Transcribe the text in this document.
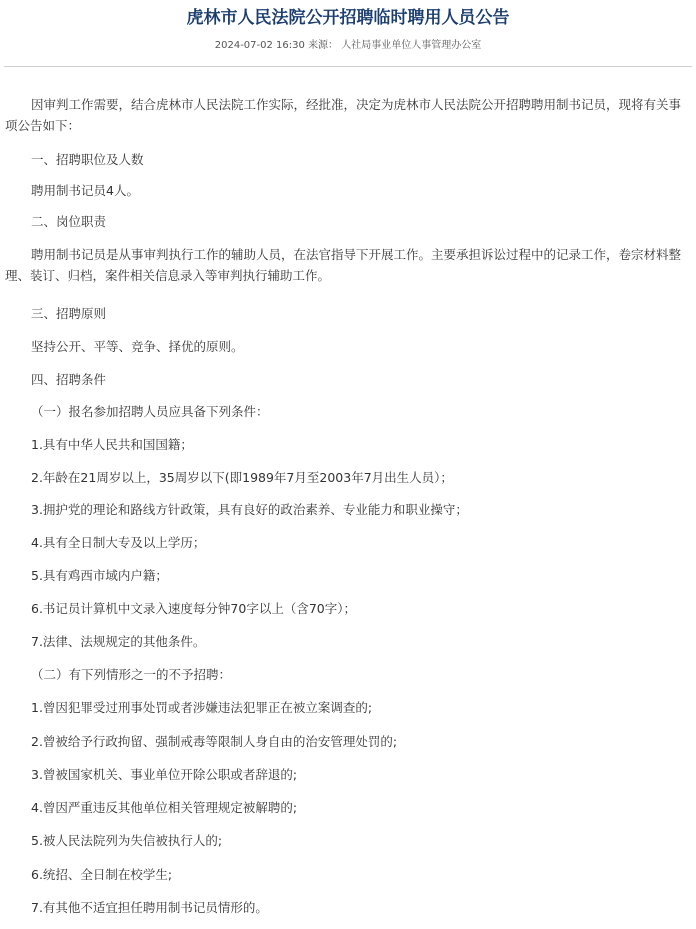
虎林市人民法院公开招聘临时聘用人员公告
2024-07-02 16:30 来源： 人社局事业单位人事管理办公室

因审判工作需要，结合虎林市人民法院工作实际，经批准，决定为虎林市人民法院公开招聘聘用制书记员，现将有关事项公告如下：

一、招聘职位及人数

聘用制书记员4人。

二、岗位职责

聘用制书记员是从事审判执行工作的辅助人员，在法官指导下开展工作。主要承担诉讼过程中的记录工作，卷宗材料整理、装订、归档，案件相关信息录入等审判执行辅助工作。

三、招聘原则

坚持公开、平等、竞争、择优的原则。

四、招聘条件

（一）报名参加招聘人员应具备下列条件：

1.具有中华人民共和国国籍；

2.年龄在21周岁以上，35周岁以下(即1989年7月至2003年7月出生人员）；

3.拥护党的理论和路线方针政策，具有良好的政治素养、专业能力和职业操守；

4.具有全日制大专及以上学历；

5.具有鸡西市域内户籍；

6.书记员计算机中文录入速度每分钟70字以上（含70字）；

7.法律、法规规定的其他条件。

（二）有下列情形之一的不予招聘：

1.曾因犯罪受过刑事处罚或者涉嫌违法犯罪正在被立案调查的;

2.曾被给予行政拘留、强制戒毒等限制人身自由的治安管理处罚的;

3.曾被国家机关、事业单位开除公职或者辞退的;

4.曾因严重违反其他单位相关管理规定被解聘的;

5.被人民法院列为失信被执行人的;

6.统招、全日制在校学生;

7.有其他不适宜担任聘用制书记员情形的。
